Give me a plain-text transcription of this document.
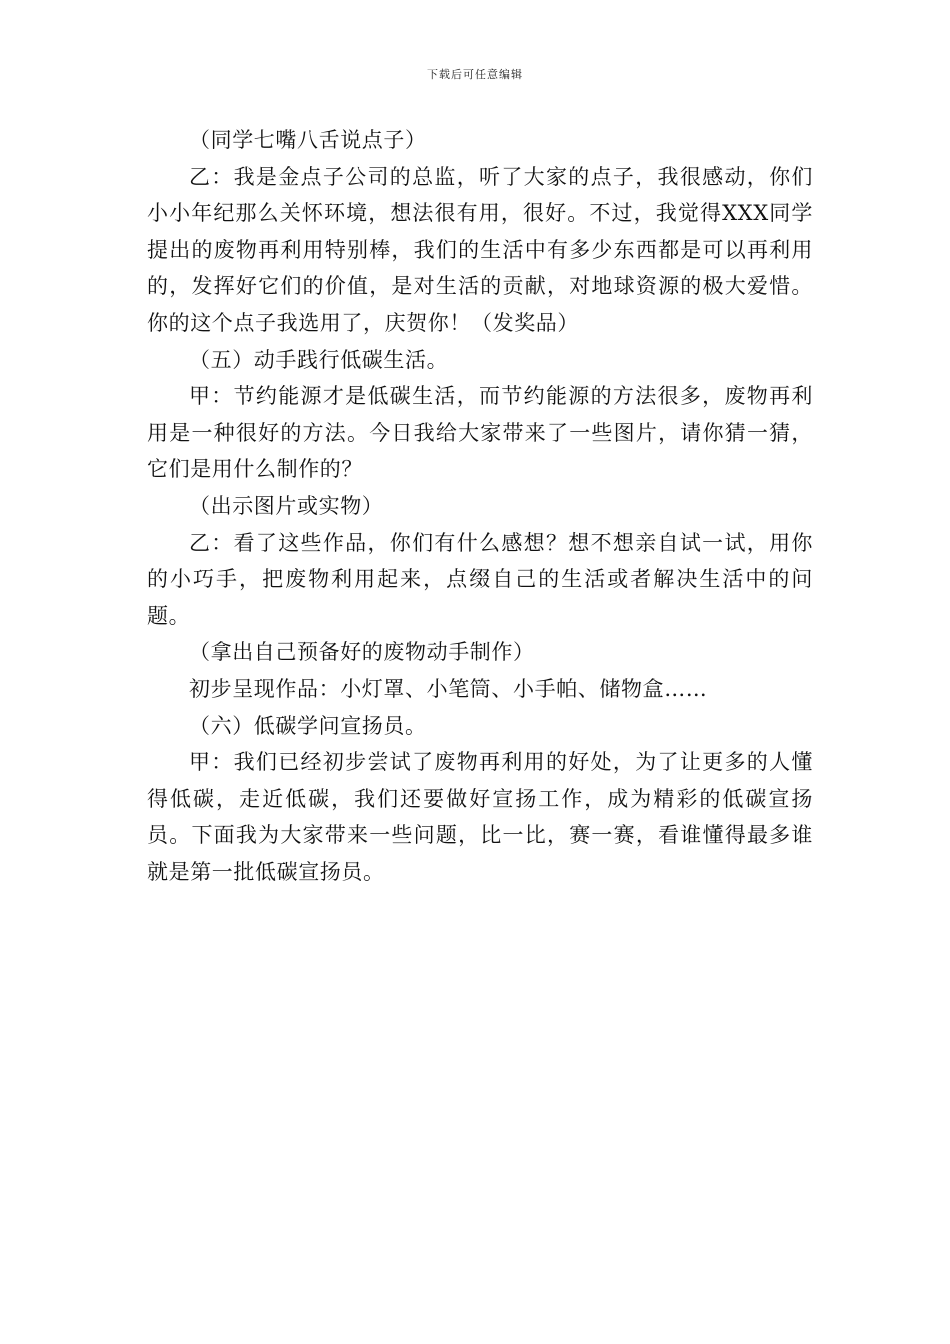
下载后可任意编辑

（同学七嘴八舌说点子）

乙：我是金点子公司的总监，听了大家的点子，我很感动，你们小小年纪那么关怀环境，想法很有用，很好。不过，我觉得XXX同学提出的废物再利用特别棒，我们的生活中有多少东西都是可以再利用的，发挥好它们的价值，是对生活的贡献，对地球资源的极大爱惜。你的这个点子我选用了，庆贺你！（发奖品）

（五）动手践行低碳生活。

甲：节约能源才是低碳生活，而节约能源的方法很多，废物再利用是一种很好的方法。今日我给大家带来了一些图片，请你猜一猜，它们是用什么制作的？

（出示图片或实物）

乙：看了这些作品，你们有什么感想？想不想亲自试一试，用你的小巧手，把废物利用起来，点缀自己的生活或者解决生活中的问题。

（拿出自己预备好的废物动手制作）

初步呈现作品：小灯罩、小笔筒、小手帕、储物盒……

（六）低碳学问宣扬员。

甲：我们已经初步尝试了废物再利用的好处，为了让更多的人懂得低碳，走近低碳，我们还要做好宣扬工作，成为精彩的低碳宣扬员。下面我为大家带来一些问题，比一比，赛一赛，看谁懂得最多谁就是第一批低碳宣扬员。
